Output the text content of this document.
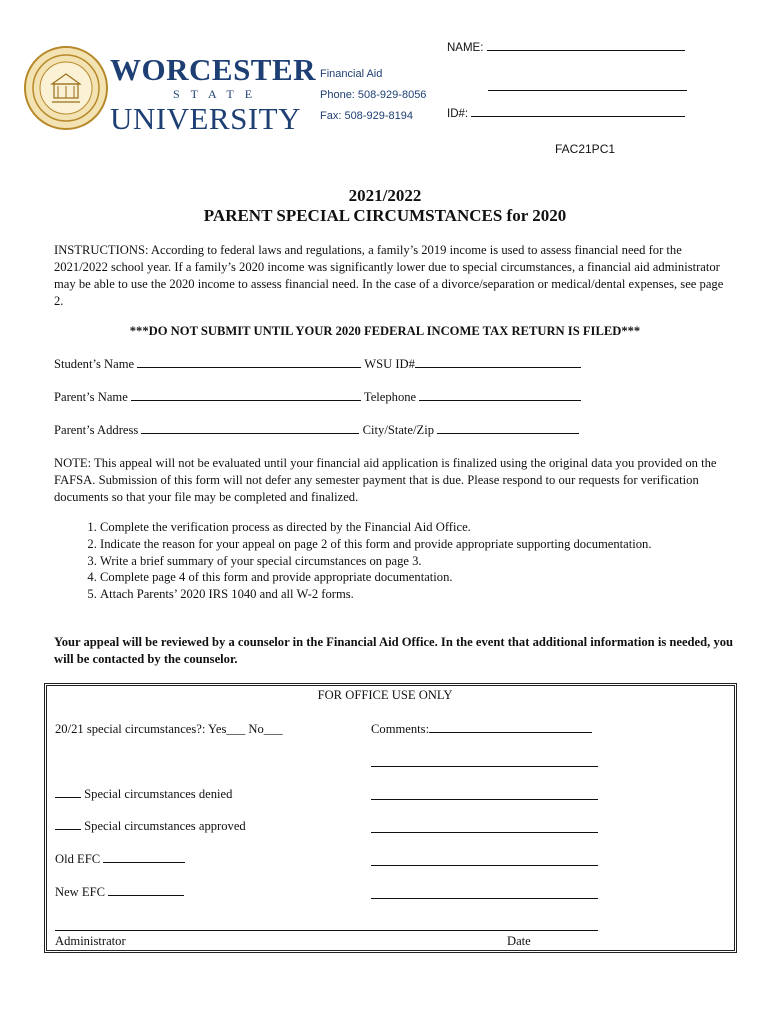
WORCESTER
STATE
UNIVERSITY
Financial Aid
Phone: 508-929-8056
Fax: 508-929-8194
NAME:
ID#:
FAC21PC1
2021/2022
PARENT SPECIAL CIRCUMSTANCES for 2020
INSTRUCTIONS: According to federal laws and regulations, a family’s 2019 income is used to assess financial need for the 2021/2022 school year. If a family’s 2020 income was significantly lower due to special circumstances, a financial aid administrator may be able to use the 2020 income to assess financial need. In the case of a divorce/separation or medical/dental expenses, see page 2.
***DO NOT SUBMIT UNTIL YOUR 2020 FEDERAL INCOME TAX RETURN IS FILED***
Student’s Name	WSU ID#
Parent’s Name	Telephone
Parent’s Address	City/State/Zip
NOTE: This appeal will not be evaluated until your financial aid application is finalized using the original data you provided on the FAFSA. Submission of this form will not defer any semester payment that is due. Please respond to our requests for verification documents so that your file may be completed and finalized.
1. Complete the verification process as directed by the Financial Aid Office.
2. Indicate the reason for your appeal on page 2 of this form and provide appropriate supporting documentation.
3. Write a brief summary of your special circumstances on page 3.
4. Complete page 4 of this form and provide appropriate documentation.
5. Attach Parents’ 2020 IRS 1040 and all W-2 forms.
Your appeal will be reviewed by a counselor in the Financial Aid Office. In the event that additional information is needed, you will be contacted by the counselor.
FOR OFFICE USE ONLY
20/21 special circumstances?: Yes___ No___	Comments:
Special circumstances denied
Special circumstances approved
Old EFC
New EFC
Administrator	Date
